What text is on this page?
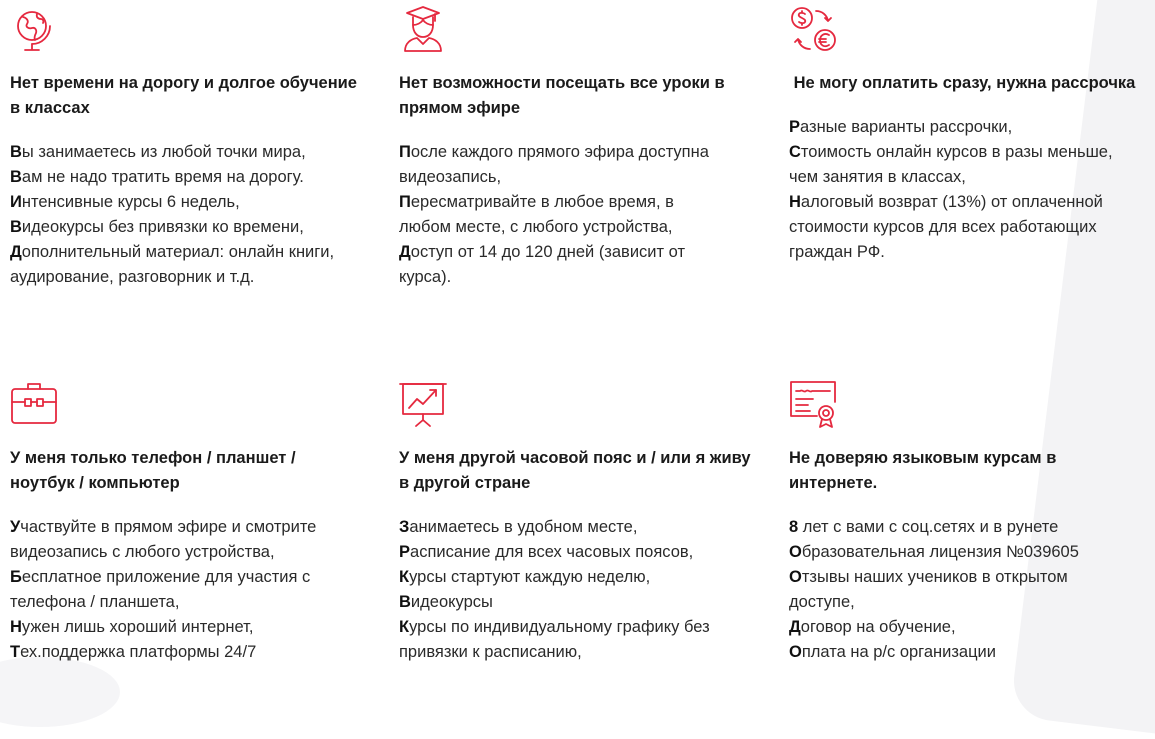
Нет времени на дорогу и долгое обучение
в классах
Вы занимаетесь из любой точки мира,
Вам не надо тратить время на дорогу.
Интенсивные курсы 6 недель,
Видеокурсы без привязки ко времени,
Дополнительный материал: онлайн книги,
аудирование, разговорник и т.д.
Нет возможности посещать все уроки в
прямом эфире
После каждого прямого эфира доступна
видеозапись,
Пересматривайте в любое время, в
любом месте, с любого устройства,
Доступ от 14 до 120 дней (зависит от
курса).
Не могу оплатить сразу, нужна рассрочка
Разные варианты рассрочки,
Стоимость онлайн курсов в разы меньше,
чем занятия в классах,
Налоговый возврат (13%) от оплаченной
стоимости курсов для всех работающих
граждан РФ.
У меня только телефон / планшет /
ноутбук / компьютер
Участвуйте в прямом эфире и смотрите
видеозапись с любого устройства,
Бесплатное приложение для участия с
телефона / планшета,
Нужен лишь хороший интернет,
Тех.поддержка платформы 24/7
У меня другой часовой пояс и / или я живу
в другой стране
Занимаетесь в удобном месте,
Расписание для всех часовых поясов,
Курсы стартуют каждую неделю,
Видеокурсы
Курсы по индивидуальному графику без
привязки к расписанию,
Не доверяю языковым курсам в
интернете.
8 лет с вами с соц.сетях и в рунете
Образовательная лицензия №039605
Отзывы наших учеников в открытом
доступе,
Договор на обучение,
Оплата на р/с организации
